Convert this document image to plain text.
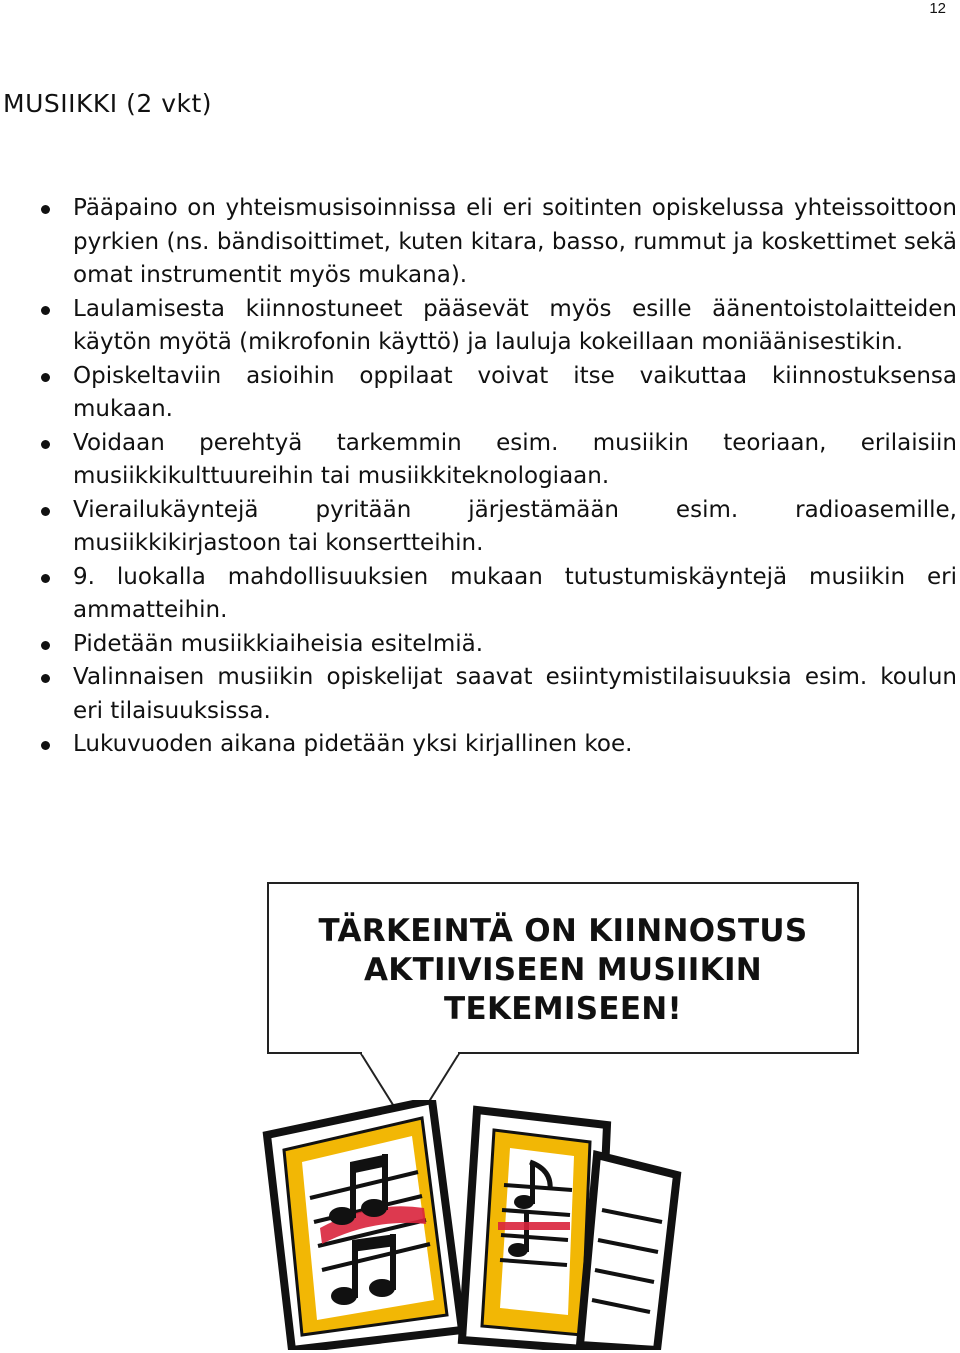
12
MUSIIKKI (2 vkt)
Pääpaino on yhteismusisoinnissa eli eri soitinten opiskelussa yhteissoittoon pyrkien (ns. bändisoittimet, kuten kitara, basso, rummut ja koskettimet sekä omat instrumentit myös mukana).
Laulamisesta kiinnostuneet pääsevät myös esille äänentoistolaitteiden käytön myötä (mikrofonin käyttö) ja lauluja kokeillaan moniäänisestikin.
Opiskeltaviin asioihin oppilaat voivat itse vaikuttaa kiinnostuksensa mukaan.
Voidaan perehtyä tarkemmin esim. musiikin teoriaan, erilaisiin musiikkikulttuureihin tai musiikkiteknologiaan.
Vierailukäyntejä pyritään järjestämään esim. radioasemille, musiikkikirjastoon tai konsertteihin.
9. luokalla mahdollisuuksien mukaan tutustumiskäyntejä musiikin eri ammatteihin.
Pidetään musiikkiaiheisia esitelmiä.
Valinnaisen musiikin opiskelijat saavat esiintymistilaisuuksia esim. koulun eri tilaisuuksissa.
Lukuvuoden aikana pidetään yksi kirjallinen koe.
TÄRKEINTÄ ON KIINNOSTUS
AKTIIVISEEN MUSIIKIN
TEKEMISEEN!
